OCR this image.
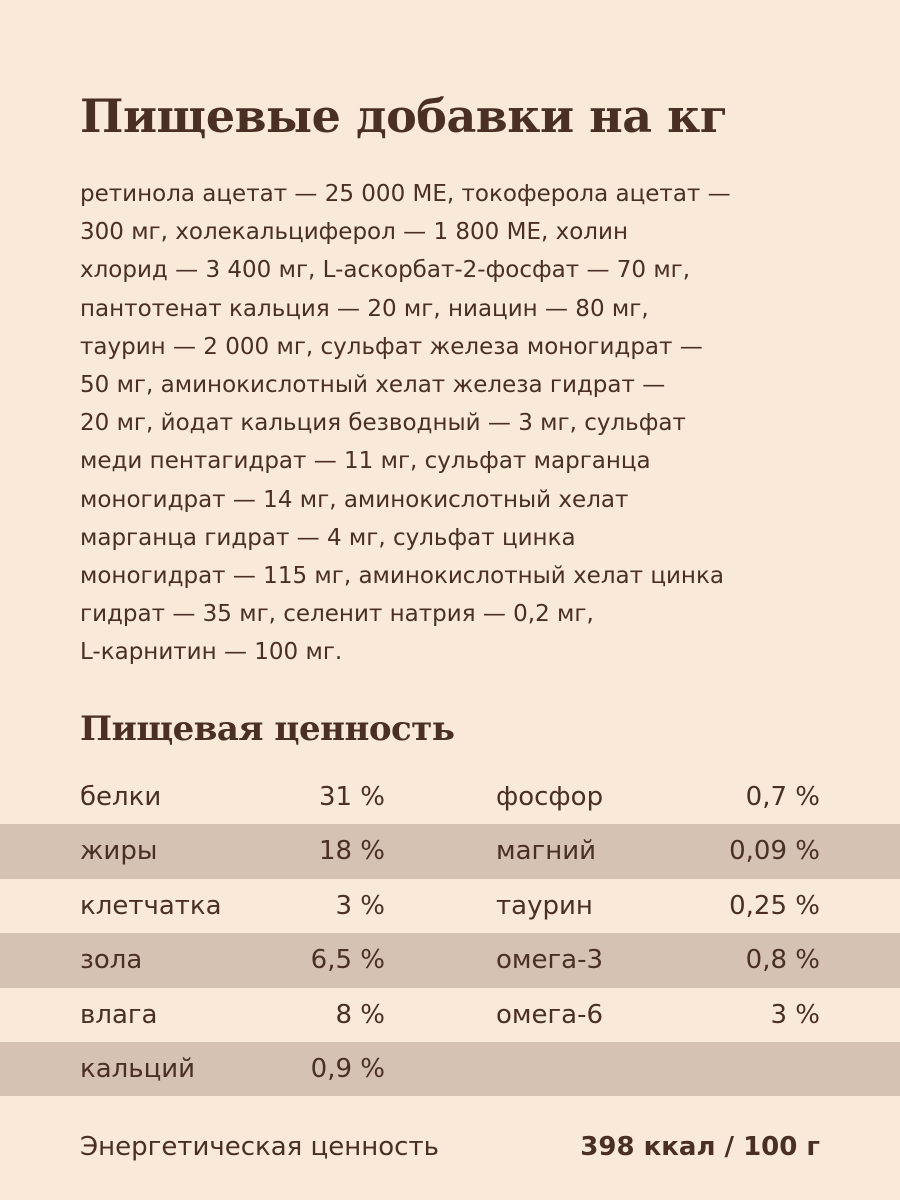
Пищевые добавки на кг

ретинола ацетат — 25 000 МЕ, токоферола ацетат —
300 мг, холекальциферол — 1 800 МЕ, холин
хлорид — 3 400 мг, L-аскорбат-2-фосфат — 70 мг,
пантотенат кальция — 20 мг, ниацин — 80 мг,
таурин — 2 000 мг, сульфат железа моногидрат —
50 мг, аминокислотный хелат железа гидрат —
20 мг, йодат кальция безводный — 3 мг, сульфат
меди пентагидрат — 11 мг, сульфат марганца
моногидрат — 14 мг, аминокислотный хелат
марганца гидрат — 4 мг, сульфат цинка
моногидрат — 115 мг, аминокислотный хелат цинка
гидрат — 35 мг, селенит натрия — 0,2 мг,
L-карнитин — 100 мг.

Пищевая ценность
белки	31 %	фосфор	0,7 %
жиры	18 %	магний	0,09 %
клетчатка	3 %	таурин	0,25 %
зола	6,5 %	омега-3	0,8 %
влага	8 %	омега-6	3 %
кальций	0,9 %
Энергетическая ценность	398 ккал / 100 г
